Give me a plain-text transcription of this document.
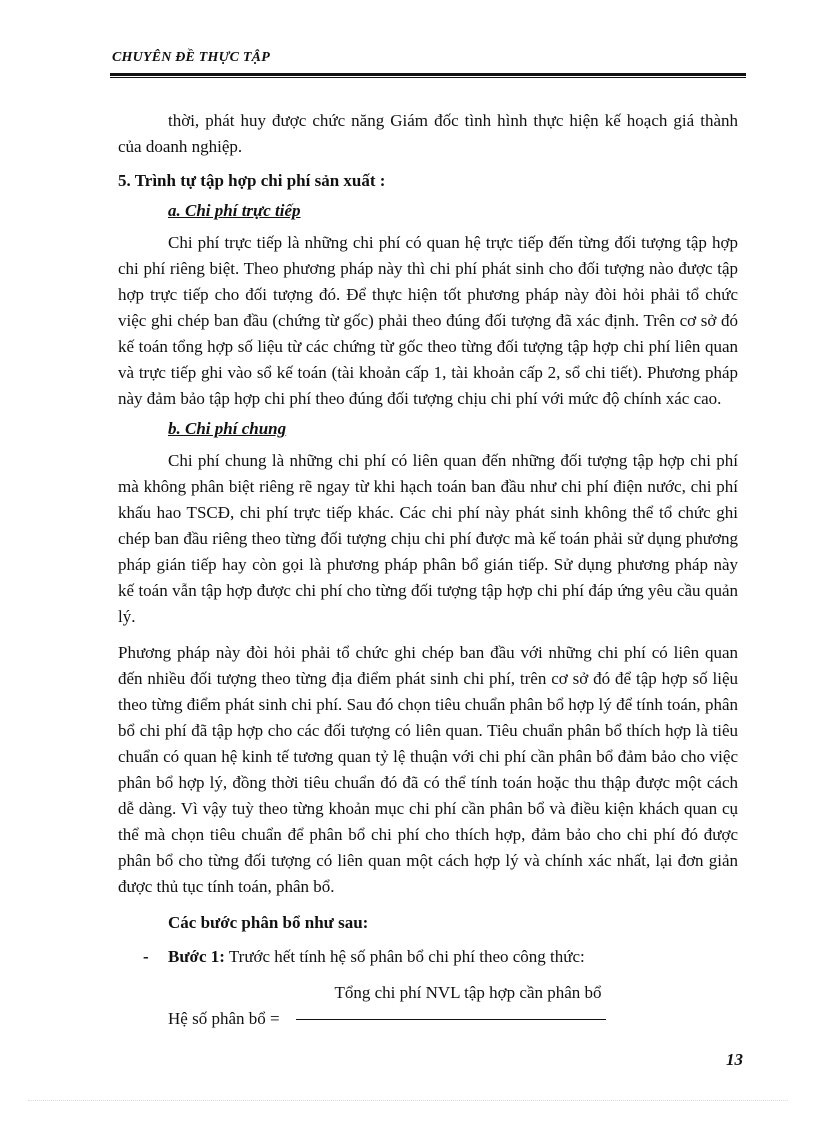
CHUYÊN ĐỀ THỰC TẬP

thời, phát huy được chức năng Giám đốc tình hình thực hiện kế hoạch giá thành của doanh nghiệp.

5. Trình tự tập hợp chi phí sản xuất :

a. Chi phí trực tiếp

Chi phí trực tiếp là những chi phí có quan hệ trực tiếp đến từng đối tượng tập hợp chi phí riêng biệt. Theo phương pháp này thì chi phí phát sinh cho đối tượng nào được tập hợp trực tiếp cho đối tượng đó. Để thực hiện tốt phương pháp này đòi hỏi phải tổ chức việc ghi chép ban đầu (chứng từ gốc) phải theo đúng đối tượng đã xác định. Trên cơ sở đó kế toán tổng hợp số liệu từ các chứng từ gốc theo từng đối tượng tập hợp chi phí liên quan và trực tiếp ghi vào sổ kế toán (tài khoản cấp 1, tài khoản cấp 2, sổ chi tiết). Phương pháp này đảm bảo tập hợp chi phí theo đúng đối tượng chịu chi phí với mức độ chính xác cao.

b. Chi phí chung

Chi phí chung là những chi phí có liên quan đến những đối tượng tập hợp chi phí mà không phân biệt riêng rẽ ngay từ khi hạch toán ban đầu như chi phí điện nước, chi phí khấu hao TSCĐ, chi phí trực tiếp khác. Các chi phí này phát sinh không thể tổ chức ghi chép ban đầu riêng theo từng đối tượng chịu chi phí được mà kế toán phải sử dụng phương pháp gián tiếp hay còn gọi là phương pháp phân bổ gián tiếp. Sử dụng phương pháp này kế toán vẫn tập hợp được chi phí cho từng đối tượng tập hợp chi phí đáp ứng yêu cầu quản lý.

Phương pháp này đòi hỏi phải tổ chức ghi chép ban đầu với những chi phí có liên quan đến nhiều đối tượng theo từng địa điểm phát sinh chi phí, trên cơ sở đó để tập hợp số liệu theo từng điểm phát sinh chi phí. Sau đó chọn tiêu chuẩn phân bổ hợp lý để tính toán, phân bổ chi phí đã tập hợp cho các đối tượng có liên quan. Tiêu chuẩn phân bổ thích hợp là tiêu chuẩn có quan hệ kinh tế tương quan tỷ lệ thuận với chi phí cần phân bổ đảm bảo cho việc phân bổ hợp lý, đồng thời tiêu chuẩn đó đã có thể tính toán hoặc thu thập được một cách dễ dàng. Vì vậy tuỳ theo từng khoản mục chi phí cần phân bổ và điều kiện khách quan cụ thể mà chọn tiêu chuẩn để phân bổ chi phí cho thích hợp, đảm bảo cho chi phí đó được phân bổ cho từng đối tượng có liên quan một cách hợp lý và chính xác nhất, lại đơn giản được thủ tục tính toán, phân bổ.

Các bước phân bổ như sau:

- Bước 1: Trước hết tính hệ số phân bổ chi phí theo công thức:
Tổng chi phí NVL tập hợp cần phân bổ
Hệ số phân bổ =
13
